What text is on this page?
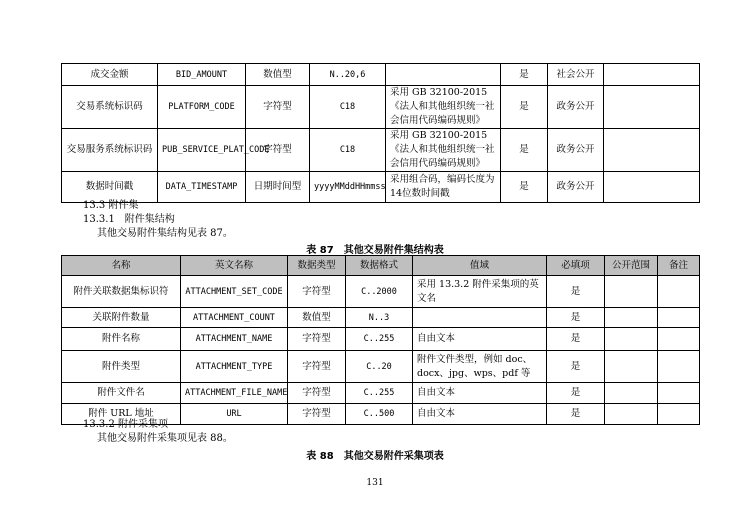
成交金额	BID_AMOUNT	数值型	N..20,6		是	社会公开	
交易系统标识码	PLATFORM_CODE	字符型	C18	采用 GB 32100-2015 《法人和其他组织统一社会信用代码编码规则》	是	政务公开	
交易服务系统标识码	PUB_SERVICE_PLAT_CODE	字符型	C18	采用 GB 32100-2015 《法人和其他组织统一社会信用代码编码规则》	是	政务公开	
数据时间戳	DATA_TIMESTAMP	日期时间型	yyyyMMddHHmmss	采用组合码，编码长度为14位数时间戳	是	政务公开	
13.3 附件集
13.3.1　附件集结构
其他交易附件集结构见表 87。
表 87　其他交易附件集结构表
名称	英文名称	数据类型	数据格式	值域	必填项	公开范围	备注
附件关联数据集标识符	ATTACHMENT_SET_CODE	字符型	C..2000	采用 13.3.2 附件采集项的英文名	是		
关联附件数量	ATTACHMENT_COUNT	数值型	N..3		是		
附件名称	ATTACHMENT_NAME	字符型	C..255	自由文本	是		
附件类型	ATTACHMENT_TYPE	字符型	C..20	附件文件类型，例如 doc、docx、jpg、wps、pdf 等	是		
附件文件名	ATTACHMENT_FILE_NAME	字符型	C..255	自由文本	是		
附件 URL 地址	URL	字符型	C..500	自由文本	是		
13.3.2 附件采集项
其他交易附件采集项见表 88。
表 88　其他交易附件采集项表
131
